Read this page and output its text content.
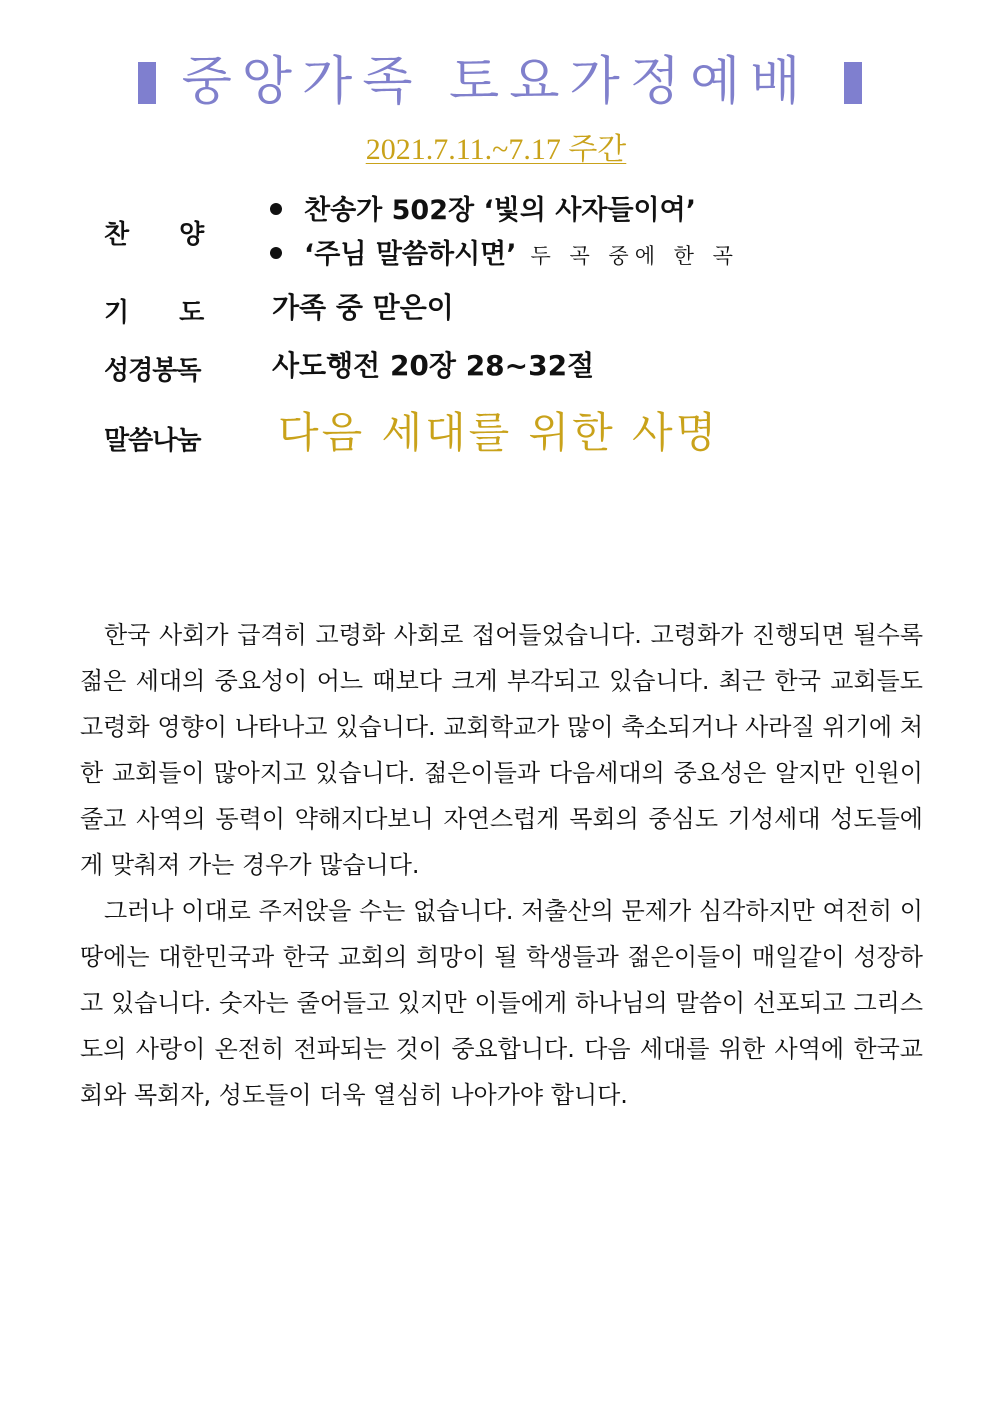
중앙가족 토요가정예배
2021.7.11.~7.17 주간
찬양
찬송가 502장 ‘빛의 사자들이여’
‘주님 말씀하시면’ 두 곡 중에 한 곡
기도 가족 중 맏은이
성경봉독	사도행전 20장 28~32절
말씀나눔 다음 세대를 위한 사명

한국 사회가 급격히 고령화 사회로 접어들었습니다. 고령화가 진행되면 될수록 젊은 세대의 중요성이 어느 때보다 크게 부각되고 있습니다. 최근 한국 교회들도 고령화 영향이 나타나고 있습니다. 교회학교가 많이 축소되거나 사라질 위기에 처한 교회들이 많아지고 있습니다. 젊은이들과 다음세대의 중요성은 알지만 인원이 줄고 사역의 동력이 약해지다보니 자연스럽게 목회의 중심도 기성세대 성도들에게 맞춰져 가는 경우가 많습니다.

그러나 이대로 주저앉을 수는 없습니다. 저출산의 문제가 심각하지만 여전히 이 땅에는 대한민국과 한국 교회의 희망이 될 학생들과 젊은이들이 매일같이 성장하고 있습니다. 숫자는 줄어들고 있지만 이들에게 하나님의 말씀이 선포되고 그리스도의 사랑이 온전히 전파되는 것이 중요합니다. 다음 세대를 위한 사역에 한국교회와 목회자, 성도들이 더욱 열심히 나아가야 합니다.
